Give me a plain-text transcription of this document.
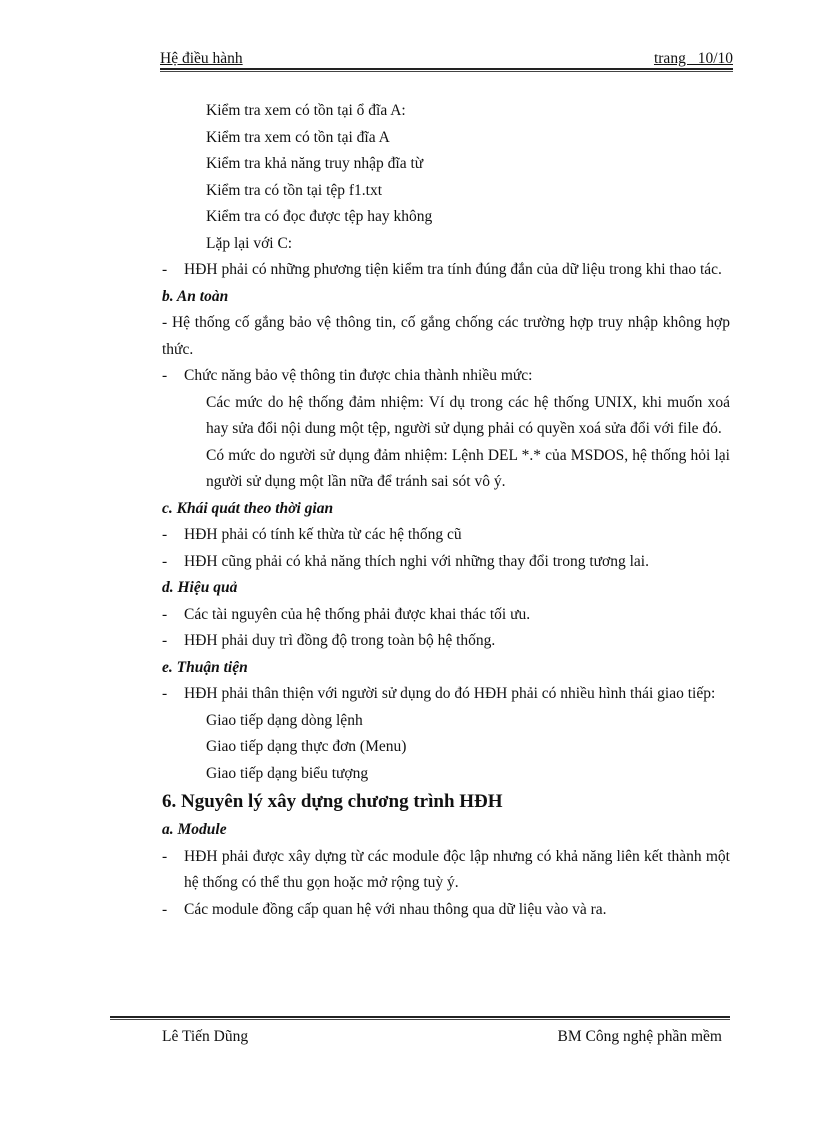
Hệ điều hành	trang 10/10

Kiểm tra xem có tồn tại ổ đĩa A:

Kiểm tra xem có tồn tại đĩa A

Kiểm tra khả năng truy nhập đĩa từ

Kiểm tra có tồn tại tệp f1.txt

Kiểm tra có đọc được tệp hay không

Lặp lại với C:

- HĐH phải có những phương tiện kiểm tra tính đúng đắn của dữ liệu trong khi thao tác.

b. An toàn

- Hệ thống cố gắng bảo vệ thông tin, cố gắng chống các trường hợp truy nhập không hợp thức.

- Chức năng bảo vệ thông tin được chia thành nhiều mức:

Các mức do hệ thống đảm nhiệm: Ví dụ trong các hệ thống UNIX, khi muốn xoá hay sửa đổi nội dung một tệp, người sử dụng phải có quyền xoá sửa đổi với file đó.

Có mức do người sử dụng đảm nhiệm: Lệnh DEL *.* của MSDOS, hệ thống hỏi lại người sử dụng một lần nữa để tránh sai sót vô ý.

c. Khái quát theo thời gian

- HĐH phải có tính kế thừa từ các hệ thống cũ

- HĐH cũng phải có khả năng thích nghi với những thay đổi trong tương lai.

d. Hiệu quả

- Các tài nguyên của hệ thống phải được khai thác tối ưu.

- HĐH phải duy trì đồng độ trong toàn bộ hệ thống.

e. Thuận tiện

- HĐH phải thân thiện với người sử dụng do đó HĐH phải có nhiều hình thái giao tiếp:

Giao tiếp dạng dòng lệnh

Giao tiếp dạng thực đơn (Menu)

Giao tiếp dạng biểu tượng

6. Nguyên lý xây dựng chương trình HĐH

a. Module

- HĐH phải được xây dựng từ các module độc lập nhưng có khả năng liên kết thành một hệ thống có thể thu gọn hoặc mở rộng tuỳ ý.

- Các module đồng cấp quan hệ với nhau thông qua dữ liệu vào và ra.

Lê Tiến Dũng	BM Công nghệ phần mềm
